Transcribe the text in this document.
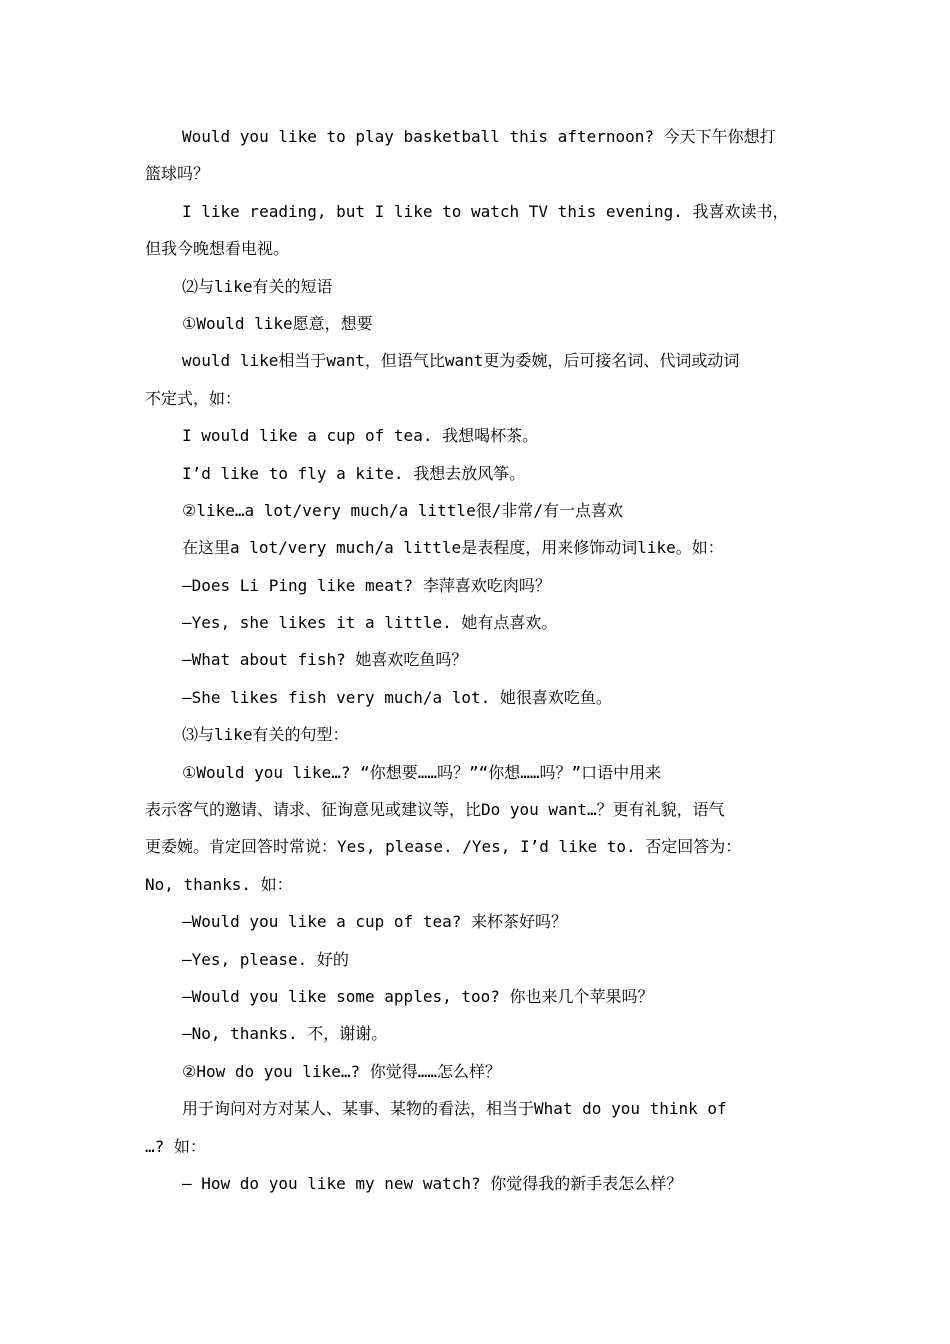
Would you like to play basketball this afternoon? 今天下午你想打
篮球吗？
I like reading, but I like to watch TV this evening. 我喜欢读书，
但我今晚想看电视。
⑵与like有关的短语
①Would like愿意，想要
would like相当于want，但语气比want更为委婉，后可接名词、代词或动词
不定式，如：
I would like a cup of tea. 我想喝杯茶。
I’d like to fly a kite. 我想去放风筝。
②like…a lot/very much/a little很/非常/有一点喜欢
在这里a lot/very much/a little是表程度，用来修饰动词like。如：
—Does Li Ping like meat? 李萍喜欢吃肉吗？
—Yes, she likes it a little. 她有点喜欢。
—What about fish? 她喜欢吃鱼吗？
—She likes fish very much/a lot. 她很喜欢吃鱼。
⑶与like有关的句型：
①Would you like…? “你想要……吗？”“你想……吗？”口语中用来
表示客气的邀请、请求、征询意见或建议等，比Do you want…？更有礼貌，语气
更委婉。肯定回答时常说：Yes, please. /Yes, I’d like to. 否定回答为：
No, thanks. 如：
—Would you like a cup of tea? 来杯茶好吗？
—Yes, please. 好的
—Would you like some apples, too? 你也来几个苹果吗？
—No, thanks. 不，谢谢。
②How do you like…? 你觉得……怎么样？
用于询问对方对某人、某事、某物的看法，相当于What do you think of
…? 如：
— How do you like my new watch? 你觉得我的新手表怎么样？
